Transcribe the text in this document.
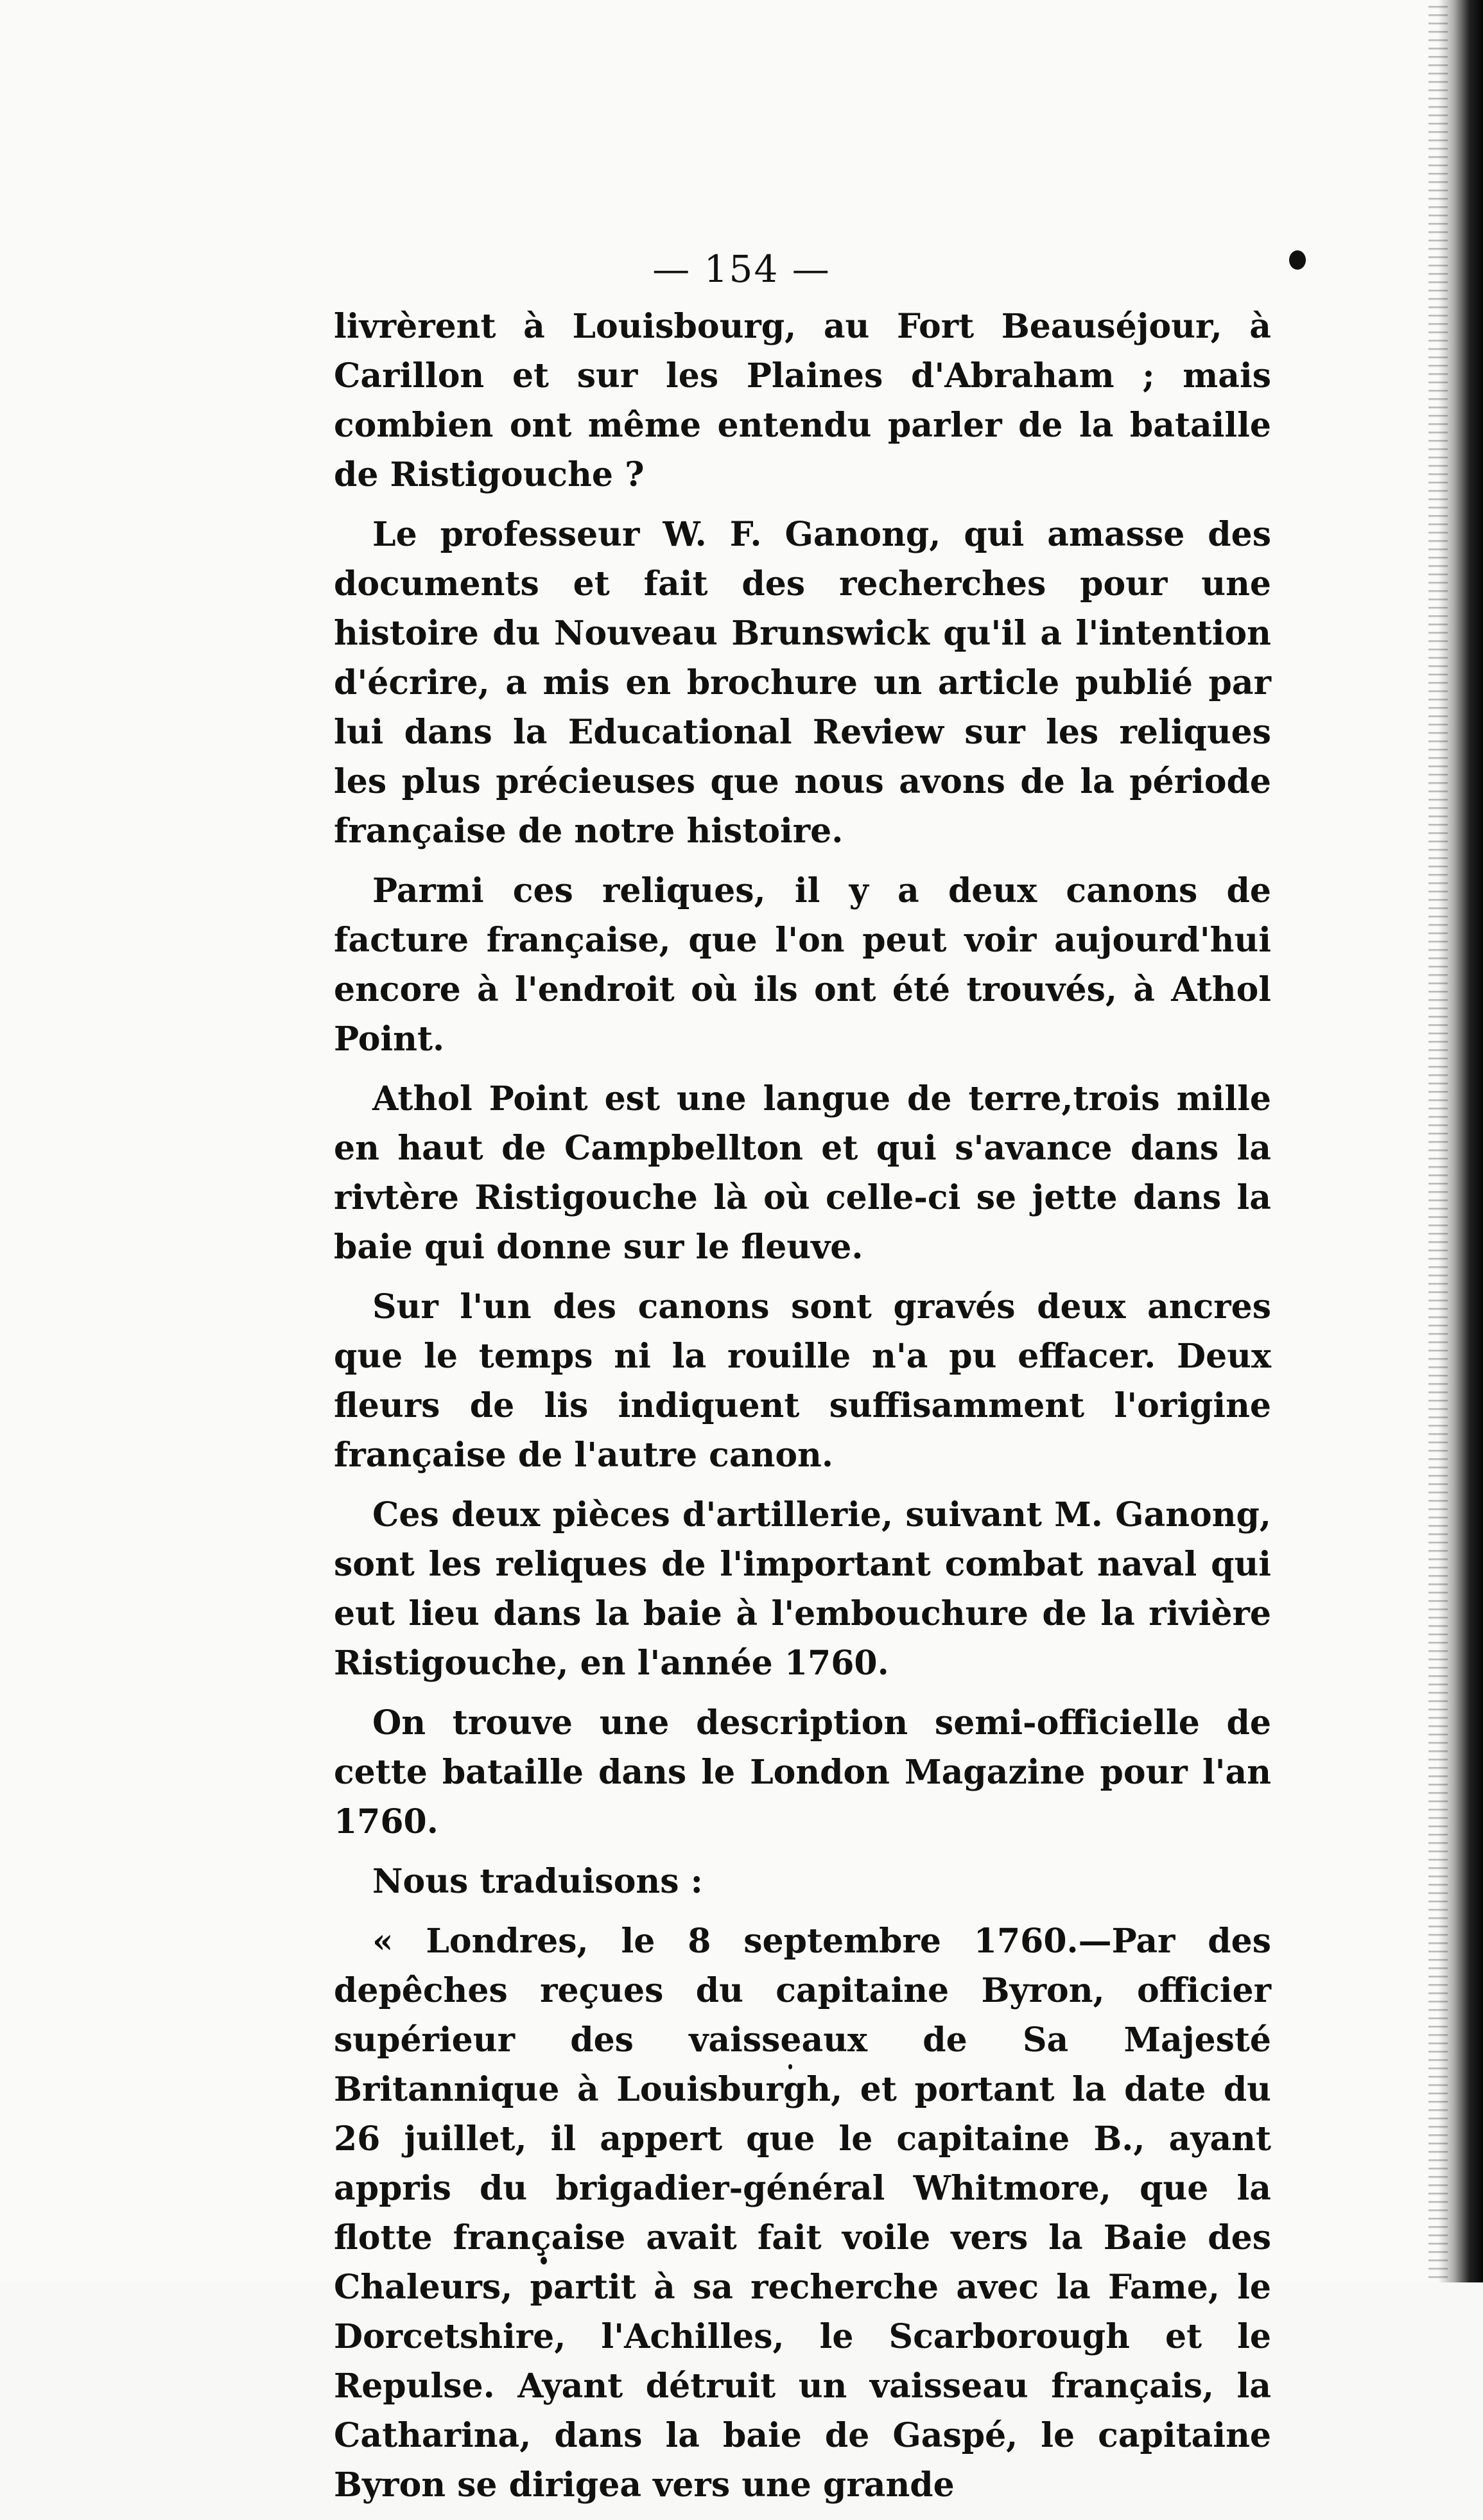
— 154 —

livrèrent à Louisbourg, au Fort Beauséjour, à Carillon et sur les Plaines d'Abraham ; mais combien ont même entendu parler de la bataille de Ristigouche ?

Le professeur W. F. Ganong, qui amasse des documents et fait des recherches pour une histoire du Nouveau Brunswick qu'il a l'intention d'écrire, a mis en brochure un article publié par lui dans la Educational Review sur les reliques les plus précieuses que nous avons de la période française de notre histoire.

Parmi ces reliques, il y a deux canons de facture française, que l'on peut voir aujourd'hui encore à l'endroit où ils ont été trouvés, à Athol Point.

Athol Point est une langue de terre,trois mille en haut de Campbellton et qui s'avance dans la rivtère Ristigouche là où celle-ci se jette dans la baie qui donne sur le fleuve.

Sur l'un des canons sont gravés deux ancres que le temps ni la rouille n'a pu effacer. Deux fleurs de lis indiquent suffisamment l'origine française de l'autre canon.

Ces deux pièces d'artillerie, suivant M. Ganong, sont les reliques de l'important combat naval qui eut lieu dans la baie à l'embouchure de la rivière Ristigouche, en l'année 1760.

On trouve une description semi-officielle de cette bataille dans le London Magazine pour l'an 1760.

Nous traduisons :

« Londres, le 8 septembre 1760.—Par des depêches reçues du capitaine Byron, officier supérieur des vaisseaux de Sa Majesté Britannique à Louisburgh, et portant la date du 26 juillet, il appert que le capitaine B., ayant appris du brigadier-général Whitmore, que la flotte française avait fait voile vers la Baie des Chaleurs, partit à sa recherche avec la Fame, le Dorcetshire, l'Achilles, le Scarborough et le Repulse. Ayant détruit un vaisseau français, la Catharina, dans la baie de Gaspé, le capitaine Byron se dirigea vers une grande
